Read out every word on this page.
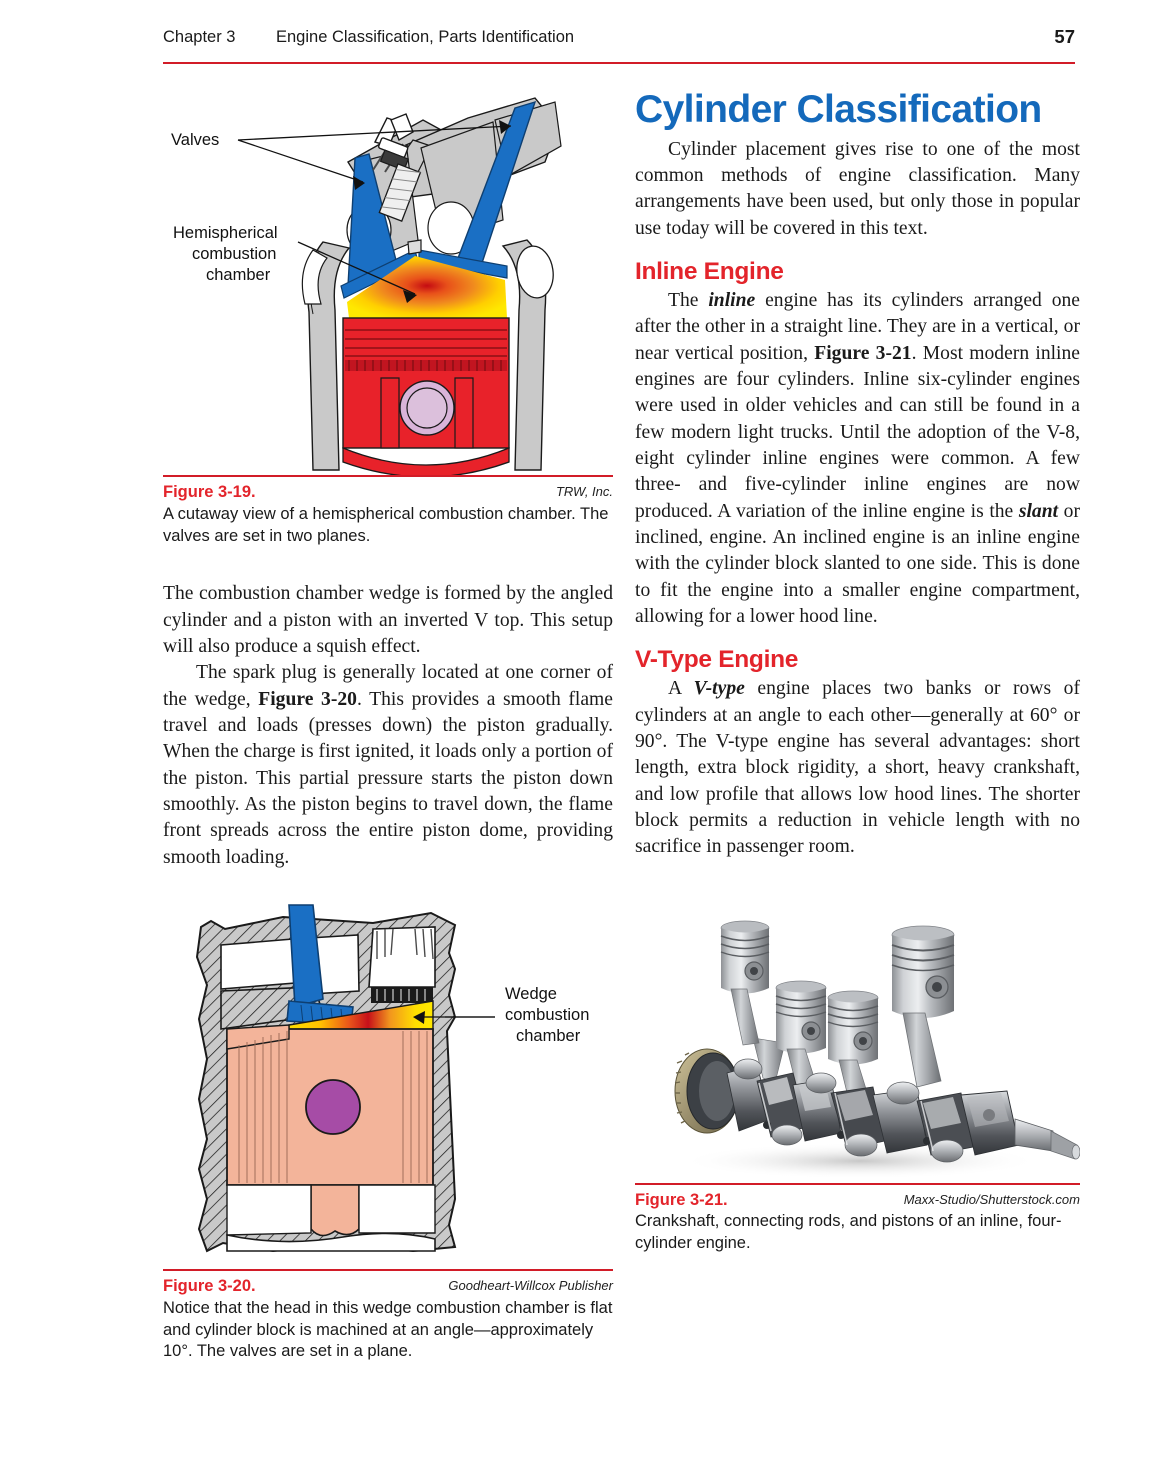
Chapter 3 Engine Classification, Parts Identification	57
Valves
Hemispherical
combustion
chamber
Figure 3-19.	TRW, Inc.
A cutaway view of a hemispherical combustion chamber. The valves are set in two planes.

The combustion chamber wedge is formed by the angled cylinder and a piston with an inverted V top. This setup will also produce a squish effect.

The spark plug is generally located at one corner of the wedge, Figure 3-20. This provides a smooth flame travel and loads (presses down) the piston gradually. When the charge is first ignited, it loads only a portion of the piston. This partial pressure starts the piston down smoothly. As the piston begins to travel down, the flame front spreads across the entire piston dome, providing smooth loading.

Wedge
combustion
chamber
Figure 3-20.	Goodheart-Willcox Publisher
Notice that the head in this wedge combustion chamber is flat and cylinder block is machined at an angle—approximately 10°. The valves are set in a plane.
Cylinder Classification

Cylinder placement gives rise to one of the most common methods of engine classification. Many arrangements have been used, but only those in popular use today will be covered in this text.

Inline Engine

The inline engine has its cylinders arranged one after the other in a straight line. They are in a vertical, or near vertical position, Figure 3-21. Most modern inline engines are four cylinders. Inline six-cylinder engines were used in older vehicles and can still be found in a few modern light trucks. Until the adoption of the V-8, eight cylinder inline engines were common. A few three- and five-cylinder inline engines are now produced. A variation of the inline engine is the slant or inclined, engine. An inclined engine is an inline engine with the cylinder block slanted to one side. This is done to fit the engine into a smaller engine compartment, allowing for a lower hood line.

V-Type Engine

A V-type engine places two banks or rows of cylinders at an angle to each other—generally at 60° or 90°. The V-type engine has several advantages: short length, extra block rigidity, a short, heavy crankshaft, and low profile that allows low hood lines. The shorter block permits a reduction in vehicle length with no sacrifice in passenger room.

Figure 3-21.	Maxx-Studio/Shutterstock.com
Crankshaft, connecting rods, and pistons of an inline, four-cylinder engine.
